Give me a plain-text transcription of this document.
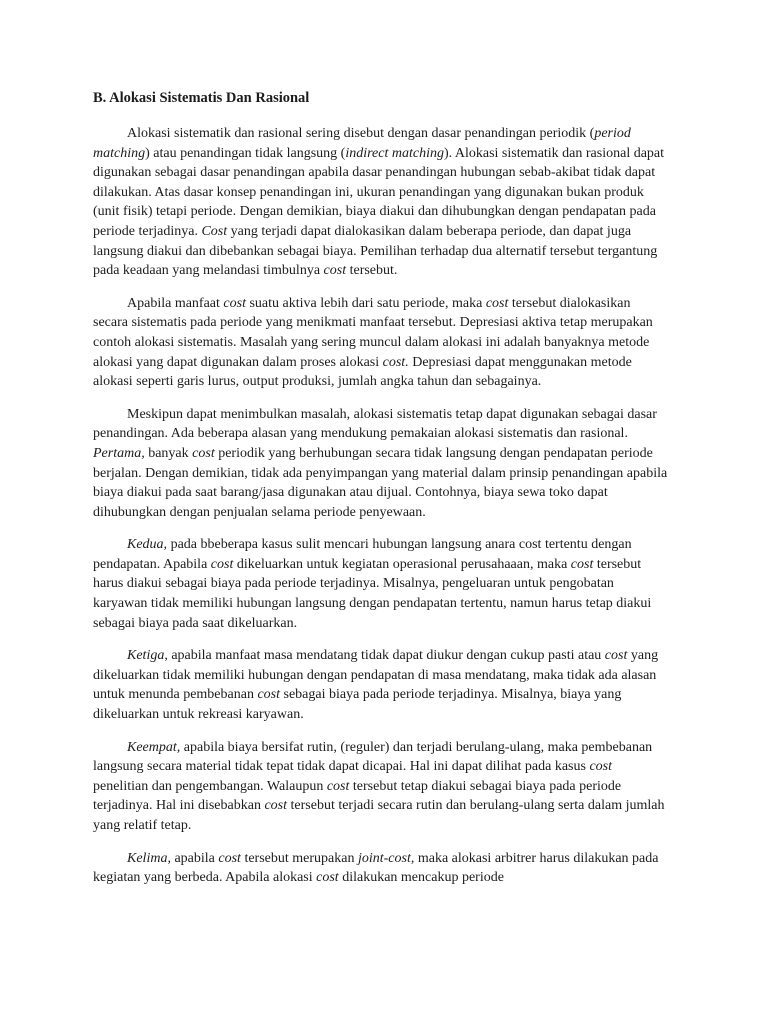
B. Alokasi Sistematis Dan Rasional

Alokasi sistematik dan rasional sering disebut dengan dasar penandingan periodik (period matching) atau penandingan tidak langsung (indirect matching). Alokasi sistematik dan rasional dapat digunakan sebagai dasar penandingan apabila dasar penandingan hubungan sebab-akibat tidak dapat dilakukan. Atas dasar konsep penandingan ini, ukuran penandingan yang digunakan bukan produk (unit fisik) tetapi periode. Dengan demikian, biaya diakui dan dihubungkan dengan pendapatan pada periode terjadinya. Cost yang terjadi dapat dialokasikan dalam beberapa periode, dan dapat juga langsung diakui dan dibebankan sebagai biaya. Pemilihan terhadap dua alternatif tersebut tergantung pada keadaan yang melandasi timbulnya cost tersebut.

Apabila manfaat cost suatu aktiva lebih dari satu periode, maka cost tersebut dialokasikan secara sistematis pada periode yang menikmati manfaat tersebut. Depresiasi aktiva tetap merupakan contoh alokasi sistematis. Masalah yang sering muncul dalam alokasi ini adalah banyaknya metode alokasi yang dapat digunakan dalam proses alokasi cost. Depresiasi dapat menggunakan metode alokasi seperti garis lurus, output produksi, jumlah angka tahun dan sebagainya.

Meskipun dapat menimbulkan masalah, alokasi sistematis tetap dapat digunakan sebagai dasar penandingan. Ada beberapa alasan yang mendukung pemakaian alokasi sistematis dan rasional. Pertama, banyak cost periodik yang berhubungan secara tidak langsung dengan pendapatan periode berjalan. Dengan demikian, tidak ada penyimpangan yang material dalam prinsip penandingan apabila biaya diakui pada saat barang/jasa digunakan atau dijual. Contohnya, biaya sewa toko dapat dihubungkan dengan penjualan selama periode penyewaan.

Kedua, pada bbeberapa kasus sulit mencari hubungan langsung anara cost tertentu dengan pendapatan. Apabila cost dikeluarkan untuk kegiatan operasional perusahaaan, maka cost tersebut harus diakui sebagai biaya pada periode terjadinya. Misalnya, pengeluaran untuk pengobatan karyawan tidak memiliki hubungan langsung dengan pendapatan tertentu, namun harus tetap diakui sebagai biaya pada saat dikeluarkan.

Ketiga, apabila manfaat masa mendatang tidak dapat diukur dengan cukup pasti atau cost yang dikeluarkan tidak memiliki hubungan dengan pendapatan di masa mendatang, maka tidak ada alasan untuk menunda pembebanan cost sebagai biaya pada periode terjadinya. Misalnya, biaya yang dikeluarkan untuk rekreasi karyawan.

Keempat, apabila biaya bersifat rutin, (reguler) dan terjadi berulang-ulang, maka pembebanan langsung secara material tidak tepat tidak dapat dicapai. Hal ini dapat dilihat pada kasus cost penelitian dan pengembangan. Walaupun cost tersebut tetap diakui sebagai biaya pada periode terjadinya. Hal ini disebabkan cost tersebut terjadi secara rutin dan berulang-ulang serta dalam jumlah yang relatif tetap.

Kelima, apabila cost tersebut merupakan joint-cost, maka alokasi arbitrer harus dilakukan pada kegiatan yang berbeda. Apabila alokasi cost dilakukan mencakup periode
